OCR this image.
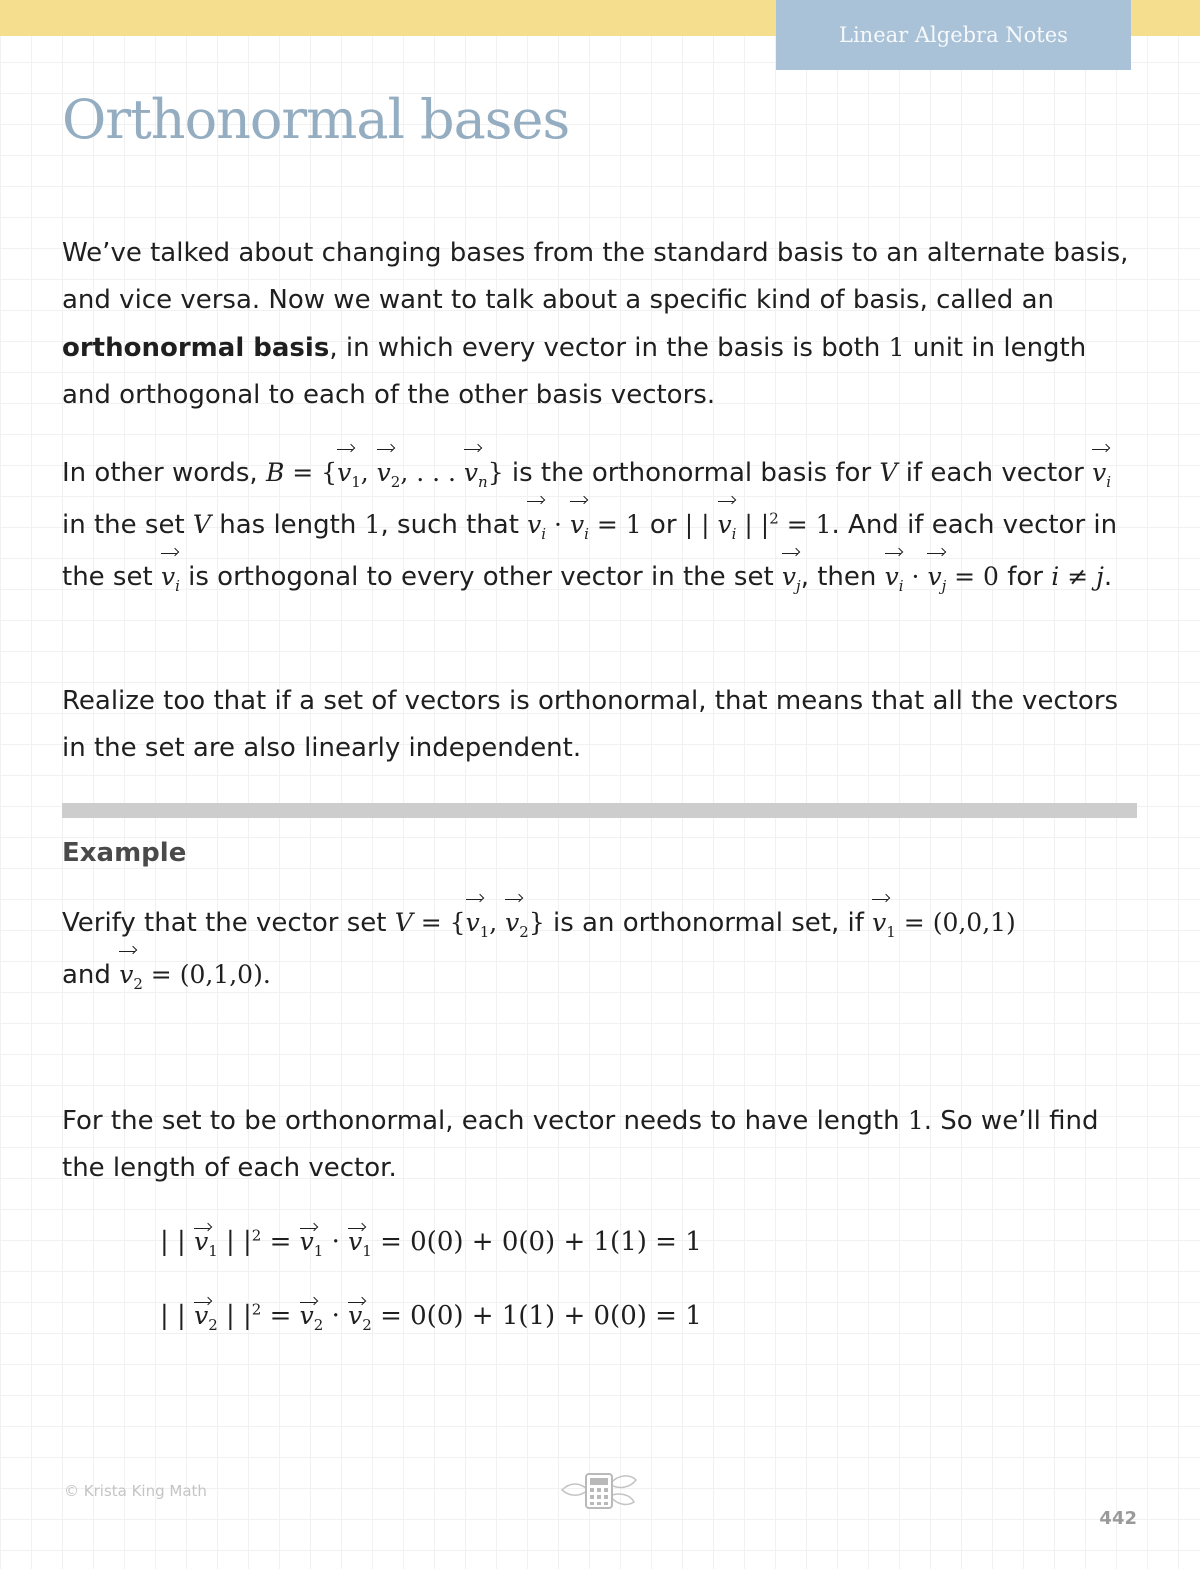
Linear Algebra Notes
Orthonormal bases

We’ve talked about changing bases from the standard basis to an alternate basis, and vice versa. Now we want to talk about a specific kind of basis, called an orthonormal basis, in which every vector in the basis is both 1 unit in length and orthogonal to each of the other basis vectors.

In other words, $B = \{v_1$, $v_2$, . . . $v_n$} is the orthonormal basis for V if each vector $v_i$ in the set V has length 1, such that $v_i \cdot v_i = 1$ or | | $v_i$ | $|^2 = 1$. And if each vector in the set $v_i$ is orthogonal to every other vector in the set $v_j$, then $v_i \cdot v_j = 0$ for i ≠ j.

Realize too that if a set of vectors is orthonormal, that means that all the vectors in the set are also linearly independent.

Example

Verify that the vector set $V = \{v_1$, $v_2$} is an orthonormal set, if $v_1 = (0,0,1)$
and $v_2 = (0,1,0)$.

For the set to be orthonormal, each vector needs to have length 1. So we’ll find the length of each vector.

| | $v_1$ | $|^2 = v_1 \cdot v_1 = 0(0) + 0(0) + 1(1) = 1$

| | $v_2$ | $|^2 = v_2 \cdot v_2 = 0(0) + 1(1) + 0(0) = 1$

© Krista King Math
442
